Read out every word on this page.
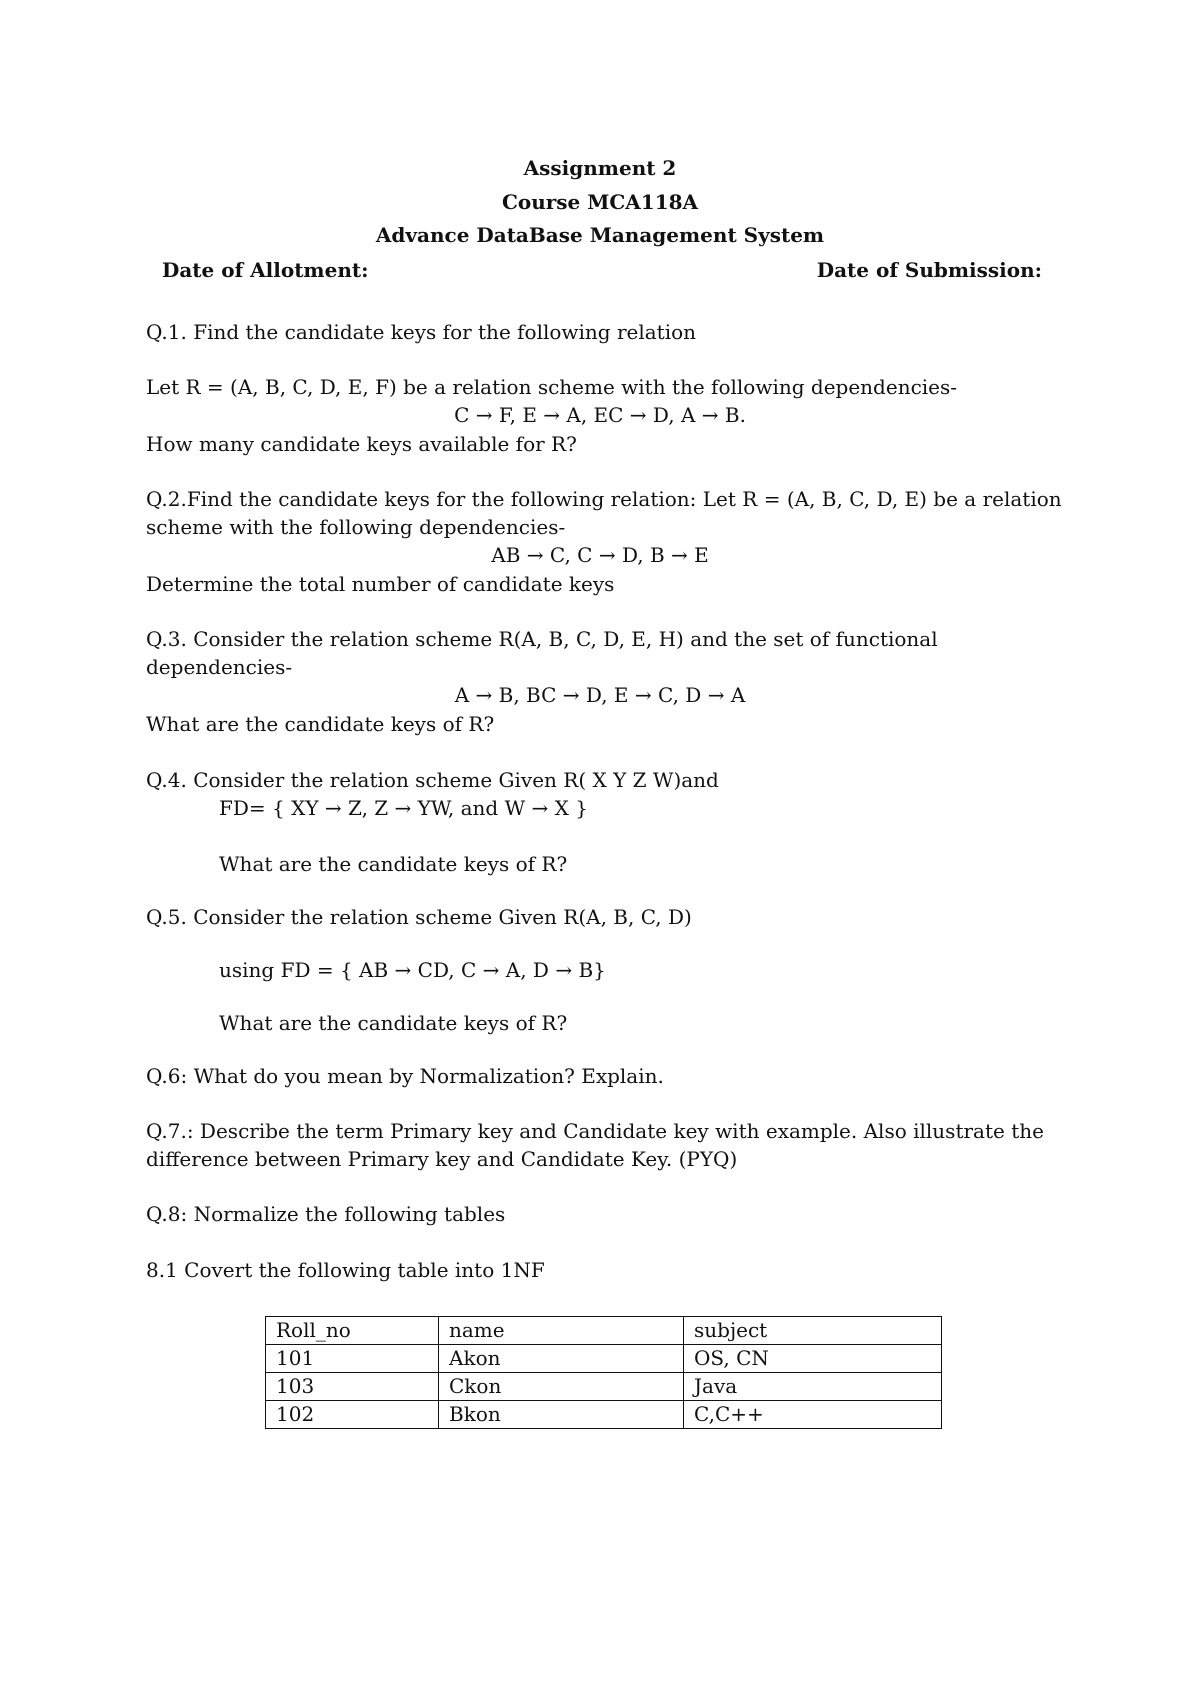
Assignment 2
Course MCA118A
Advance DataBase Management System
Date of Allotment:	Date of Submission:
Q.1. Find the candidate keys for the following relation
Let R = (A, B, C, D, E, F) be a relation scheme with the following dependencies-
C → F, E → A, EC → D, A → B.
How many candidate keys available for R?
Q.2.Find the candidate keys for the following relation: Let R = (A, B, C, D, E) be a relation
scheme with the following dependencies-
AB → C, C → D, B → E
Determine the total number of candidate keys
Q.3. Consider the relation scheme R(A, B, C, D, E, H) and the set of functional
dependencies-
A → B, BC → D, E → C, D → A
What are the candidate keys of R?
Q.4. Consider the relation scheme Given R( X Y Z W)and
FD= { XY → Z, Z → YW, and W → X }
What are the candidate keys of R?
Q.5. Consider the relation scheme Given R(A, B, C, D)
using FD = { AB → CD, C → A, D → B}
What are the candidate keys of R?
Q.6: What do you mean by Normalization? Explain.
Q.7.: Describe the term Primary key and Candidate key with example. Also illustrate the
difference between Primary key and Candidate Key. (PYQ)
Q.8: Normalize the following tables
8.1 Covert the following table into 1NF
Roll_no	name	subject
101	Akon	OS, CN
103	Ckon	Java
102	Bkon	C,C++
